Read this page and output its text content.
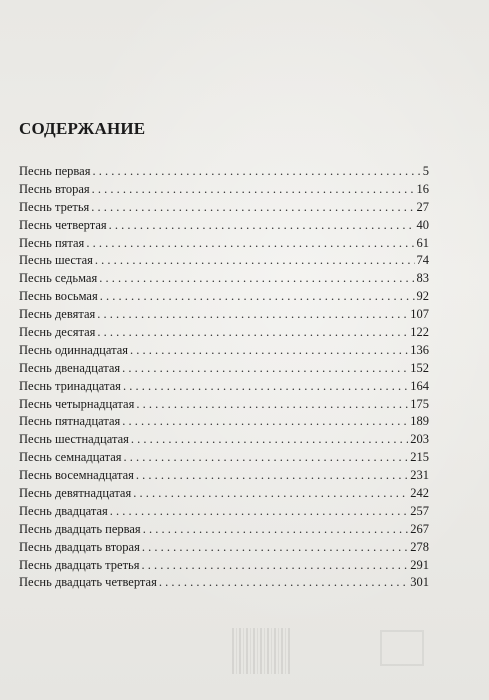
СОДЕРЖАНИЕ
Песнь первая . . .	5
Песнь вторая . . .	16
Песнь третья . . .	27
Песнь четвертая . . .	40
Песнь пятая . . .	61
Песнь шестая . . .	74
Песнь седьмая . . .	83
Песнь восьмая . . .	92
Песнь девятая . . .	107
Песнь десятая . . .	122
Песнь одиннадцатая . . .	136
Песнь двенадцатая . . .	152
Песнь тринадцатая . . .	164
Песнь четырнадцатая . . .	175
Песнь пятнадцатая . . .	189
Песнь шестнадцатая . . .	203
Песнь семнадцатая . . .	215
Песнь восемнадцатая . . .	231
Песнь девятнадцатая . . .	242
Песнь двадцатая . . .	257
Песнь двадцать первая . . .	267
Песнь двадцать вторая . . .	278
Песнь двадцать третья . . .	291
Песнь двадцать четвертая . . .	301
